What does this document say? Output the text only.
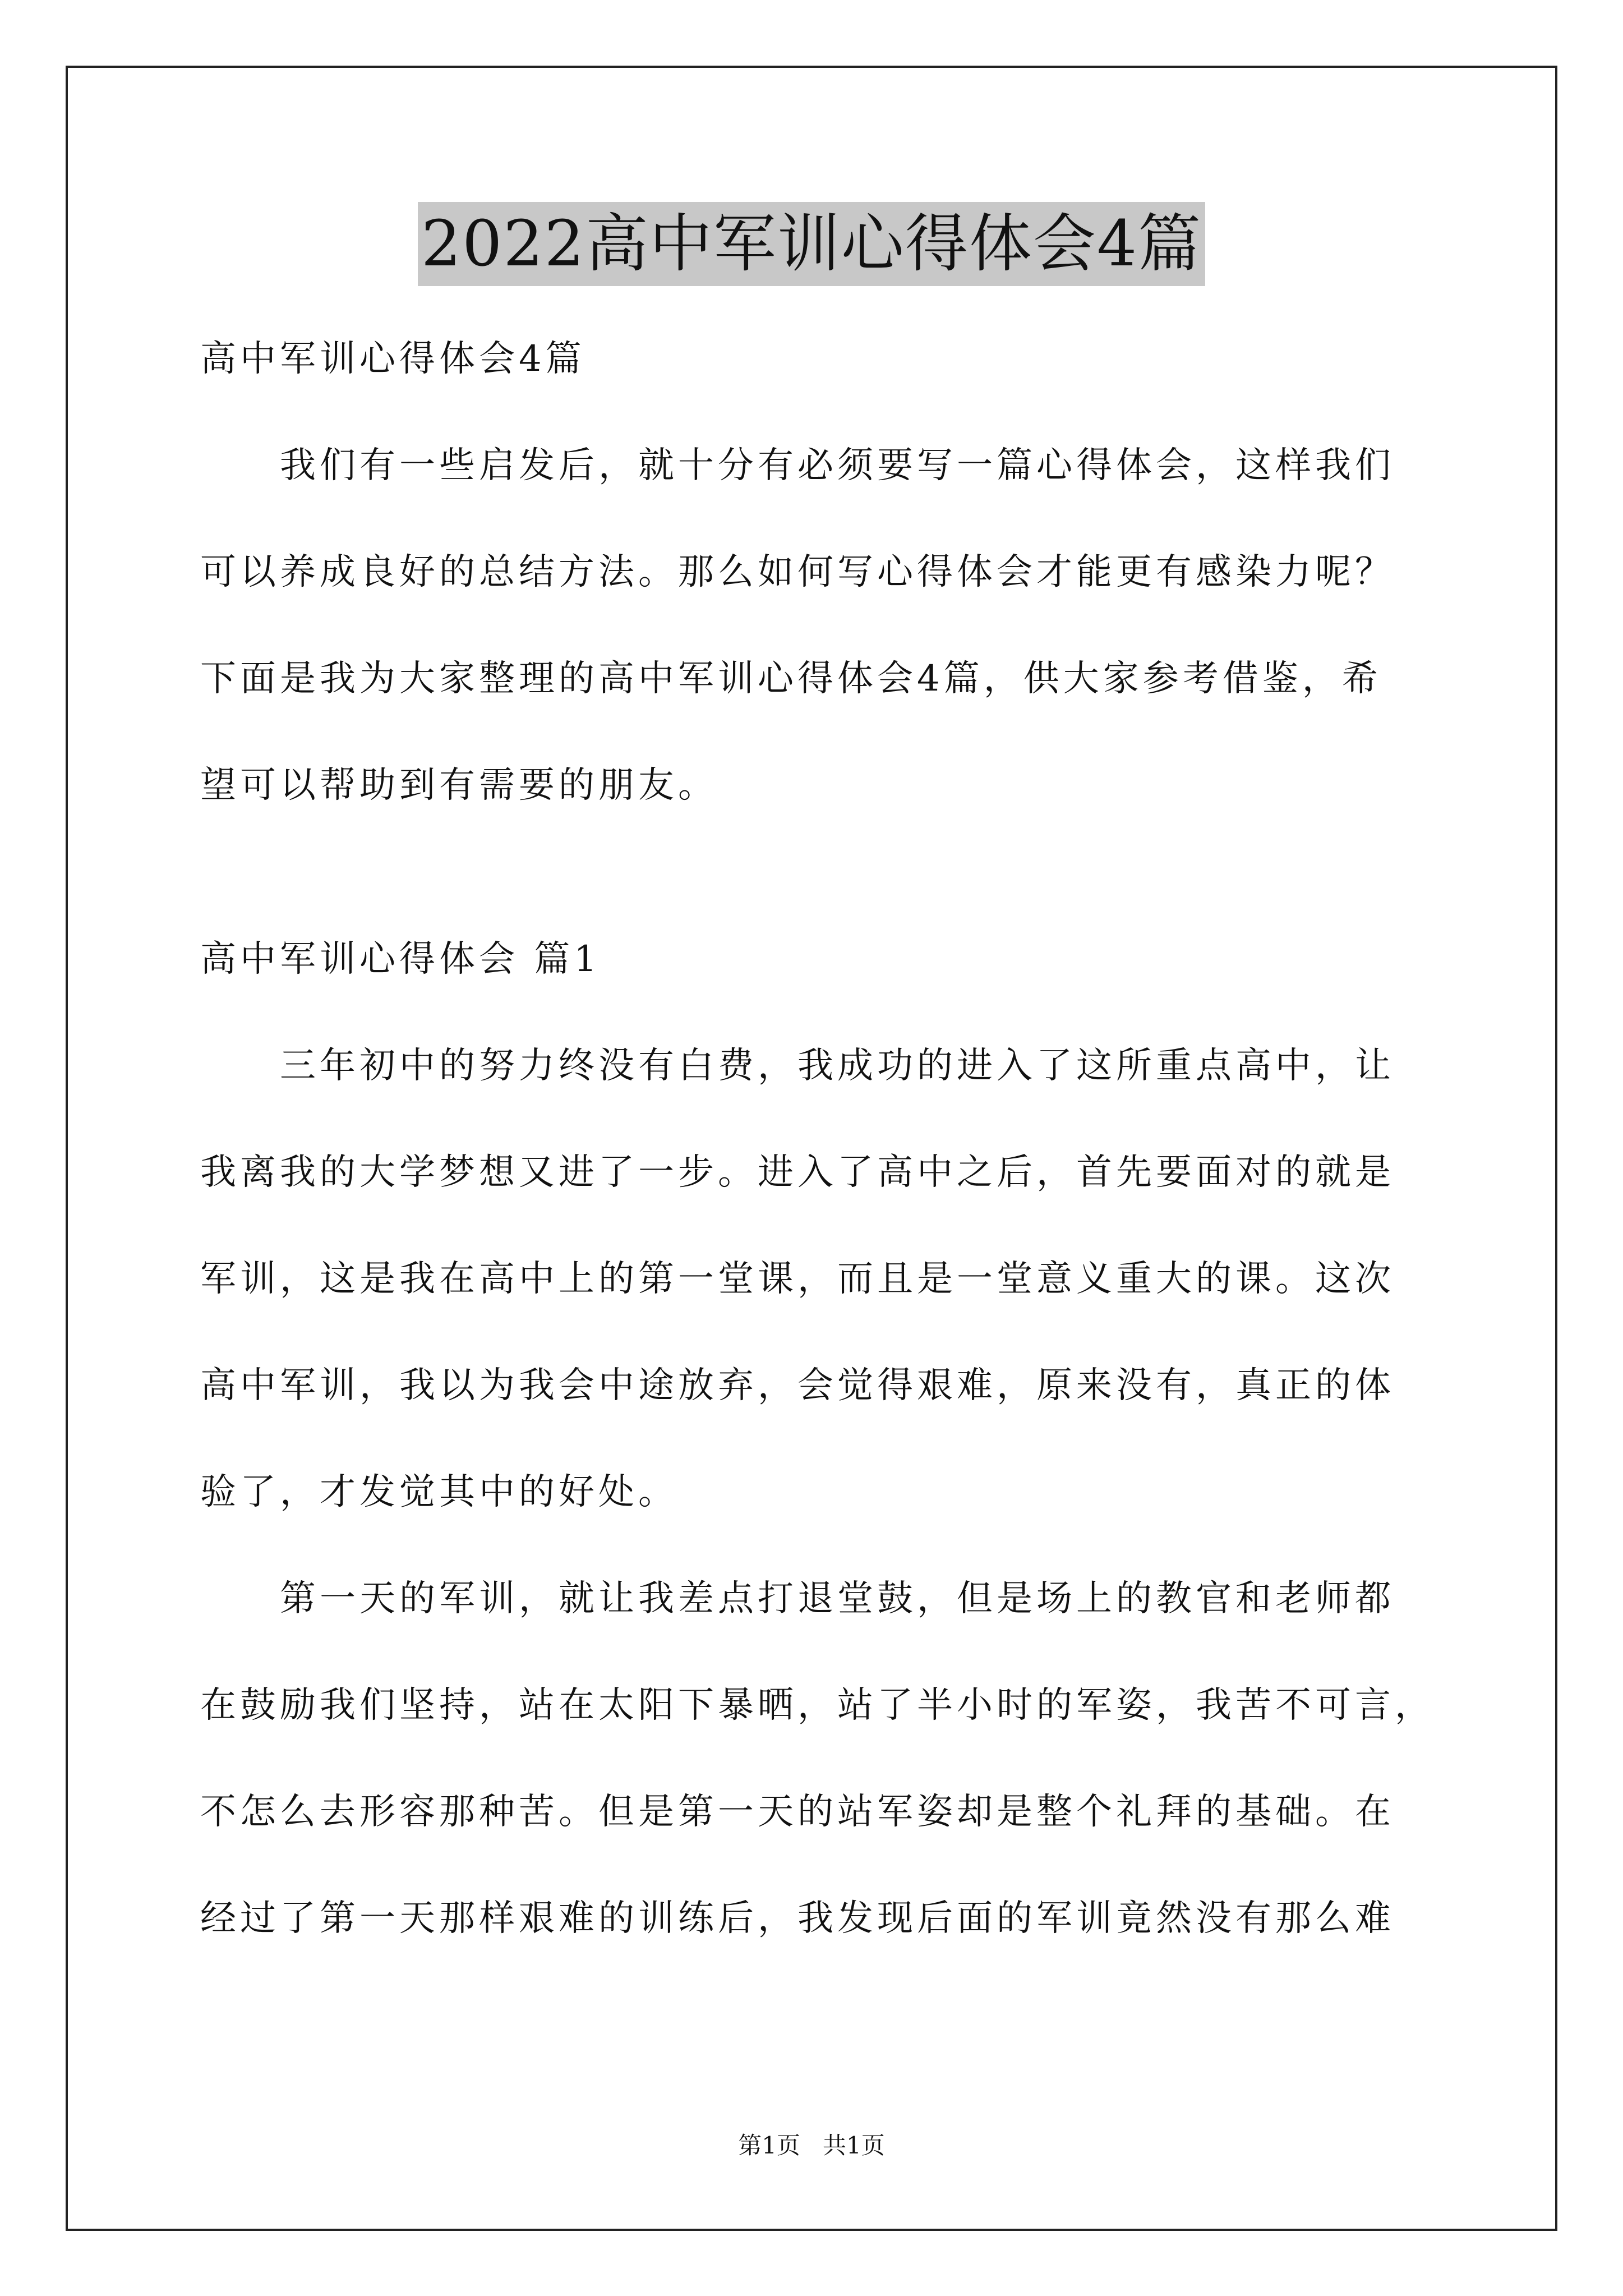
2022高中军训心得体会4篇
高中军训心得体会4篇
　　我们有一些启发后，就十分有必须要写一篇心得体会，这样我们
可以养成良好的总结方法。那么如何写心得体会才能更有感染力呢？
下面是我为大家整理的高中军训心得体会4篇，供大家参考借鉴，希
望可以帮助到有需要的朋友。
高中军训心得体会 篇1
　　三年初中的努力终没有白费，我成功的进入了这所重点高中，让
我离我的大学梦想又进了一步。进入了高中之后，首先要面对的就是
军训，这是我在高中上的第一堂课，而且是一堂意义重大的课。这次
高中军训，我以为我会中途放弃，会觉得艰难，原来没有，真正的体
验了，才发觉其中的好处。
　　第一天的军训，就让我差点打退堂鼓，但是场上的教官和老师都
在鼓励我们坚持，站在太阳下暴晒，站了半小时的军姿，我苦不可言，
不怎么去形容那种苦。但是第一天的站军姿却是整个礼拜的基础。在
经过了第一天那样艰难的训练后，我发现后面的军训竟然没有那么难
第1页 共1页
